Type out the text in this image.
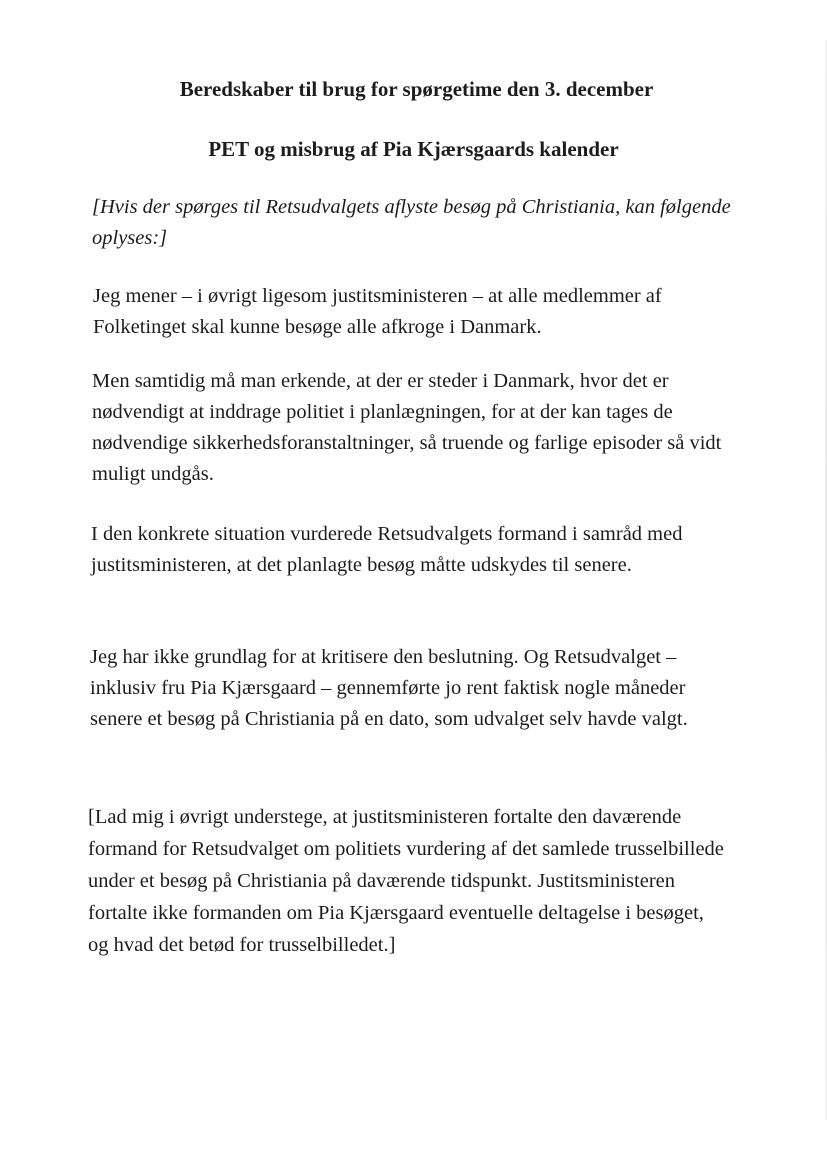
Beredskaber til brug for spørgetime den 3. december
PET og misbrug af Pia Kjærsgaards kalender

[Hvis der spørges til Retsudvalgets aflyste besøg på Christiania, kan følgende oplyses:]

Jeg mener – i øvrigt ligesom justitsministeren – at alle medlemmer af Folketinget skal kunne besøge alle afkroge i Danmark.

Men samtidig må man erkende, at der er steder i Danmark, hvor det er nødvendigt at inddrage politiet i planlægningen, for at der kan tages de nødvendige sikkerhedsforanstaltninger, så truende og farlige episoder så vidt muligt undgås.

I den konkrete situation vurderede Retsudvalgets formand i samråd med justitsministeren, at det planlagte besøg måtte udskydes til senere.

Jeg har ikke grundlag for at kritisere den beslutning. Og Retsudvalget – inklusiv fru Pia Kjærsgaard – gennemførte jo rent faktisk nogle måneder senere et besøg på Christiania på en dato, som udvalget selv havde valgt.

[Lad mig i øvrigt understege, at justitsministeren fortalte den daværende formand for Retsudvalget om politiets vurdering af det samlede trusselbillede under et besøg på Christiania på daværende tidspunkt. Justitsministeren fortalte ikke formanden om Pia Kjærsgaard eventuelle deltagelse i besøget, og hvad det betød for trusselbilledet.]
